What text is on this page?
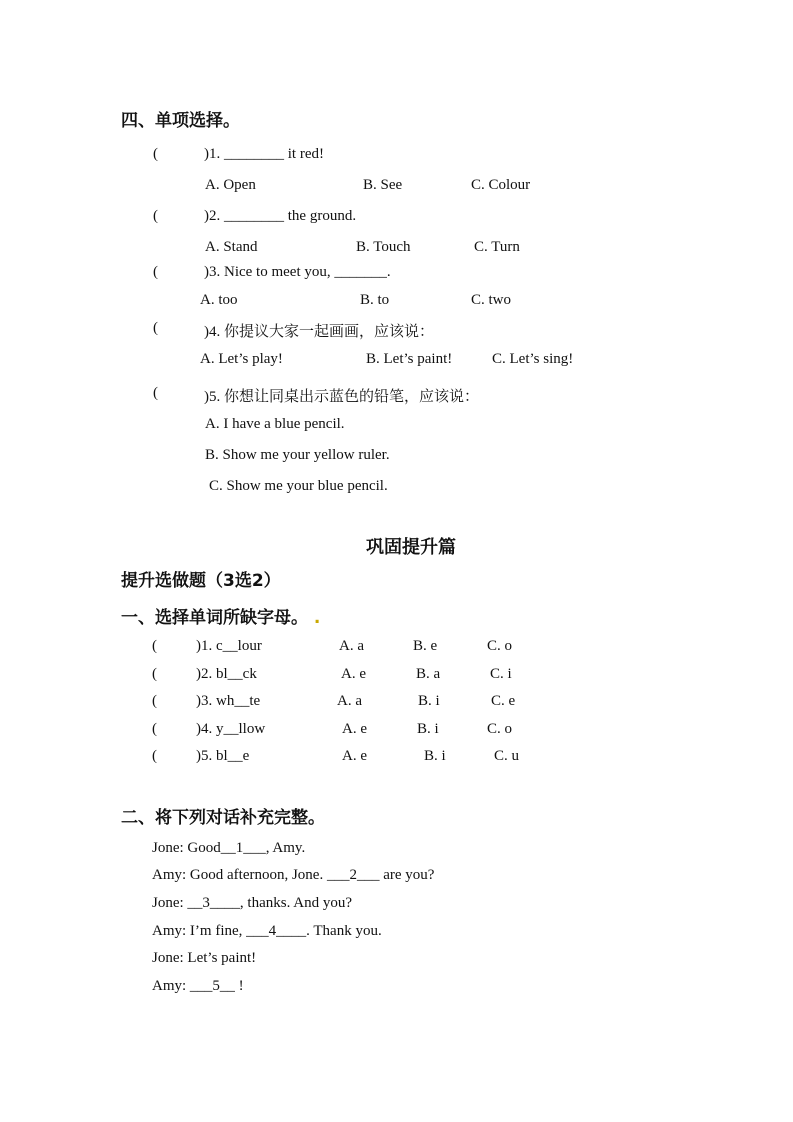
四、单项选择。
(	)1. ________ it red!
A. Open	B. See	C. Colour
(	)2. ________ the ground.
A. Stand	B. Touch	C. Turn
(	)3. Nice to meet you, _______.
A. too	B. to	C. two
(	)4. 你提议大家一起画画，应该说：
A. Let’s play!	B. Let’s paint!	C. Let’s sing!
(	)5. 你想让同桌出示蓝色的铅笔，应该说：
A. I have a blue pencil.
B. Show me your yellow ruler.
C. Show me your blue pencil.
巩固提升篇
提升选做题（3选2）
一、选择单词所缺字母。 .
(	)1. c__lour	A. a	B. e	C. o
(	)2. bl__ck	A. e	B. a	C. i
(	)3. wh__te	A. a	B. i	C. e
(	)4. y__llow	A. e	B. i	C. o
(	)5. bl__e	A. e	B. i	C. u
二、将下列对话补充完整。
Jone: Good__1___, Amy.
Amy: Good afternoon, Jone. ___2___ are you?
Jone: __3____, thanks. And you?
Amy: I’m fine, ___4____. Thank you.
Jone: Let’s paint!
Amy: ___5__ !
